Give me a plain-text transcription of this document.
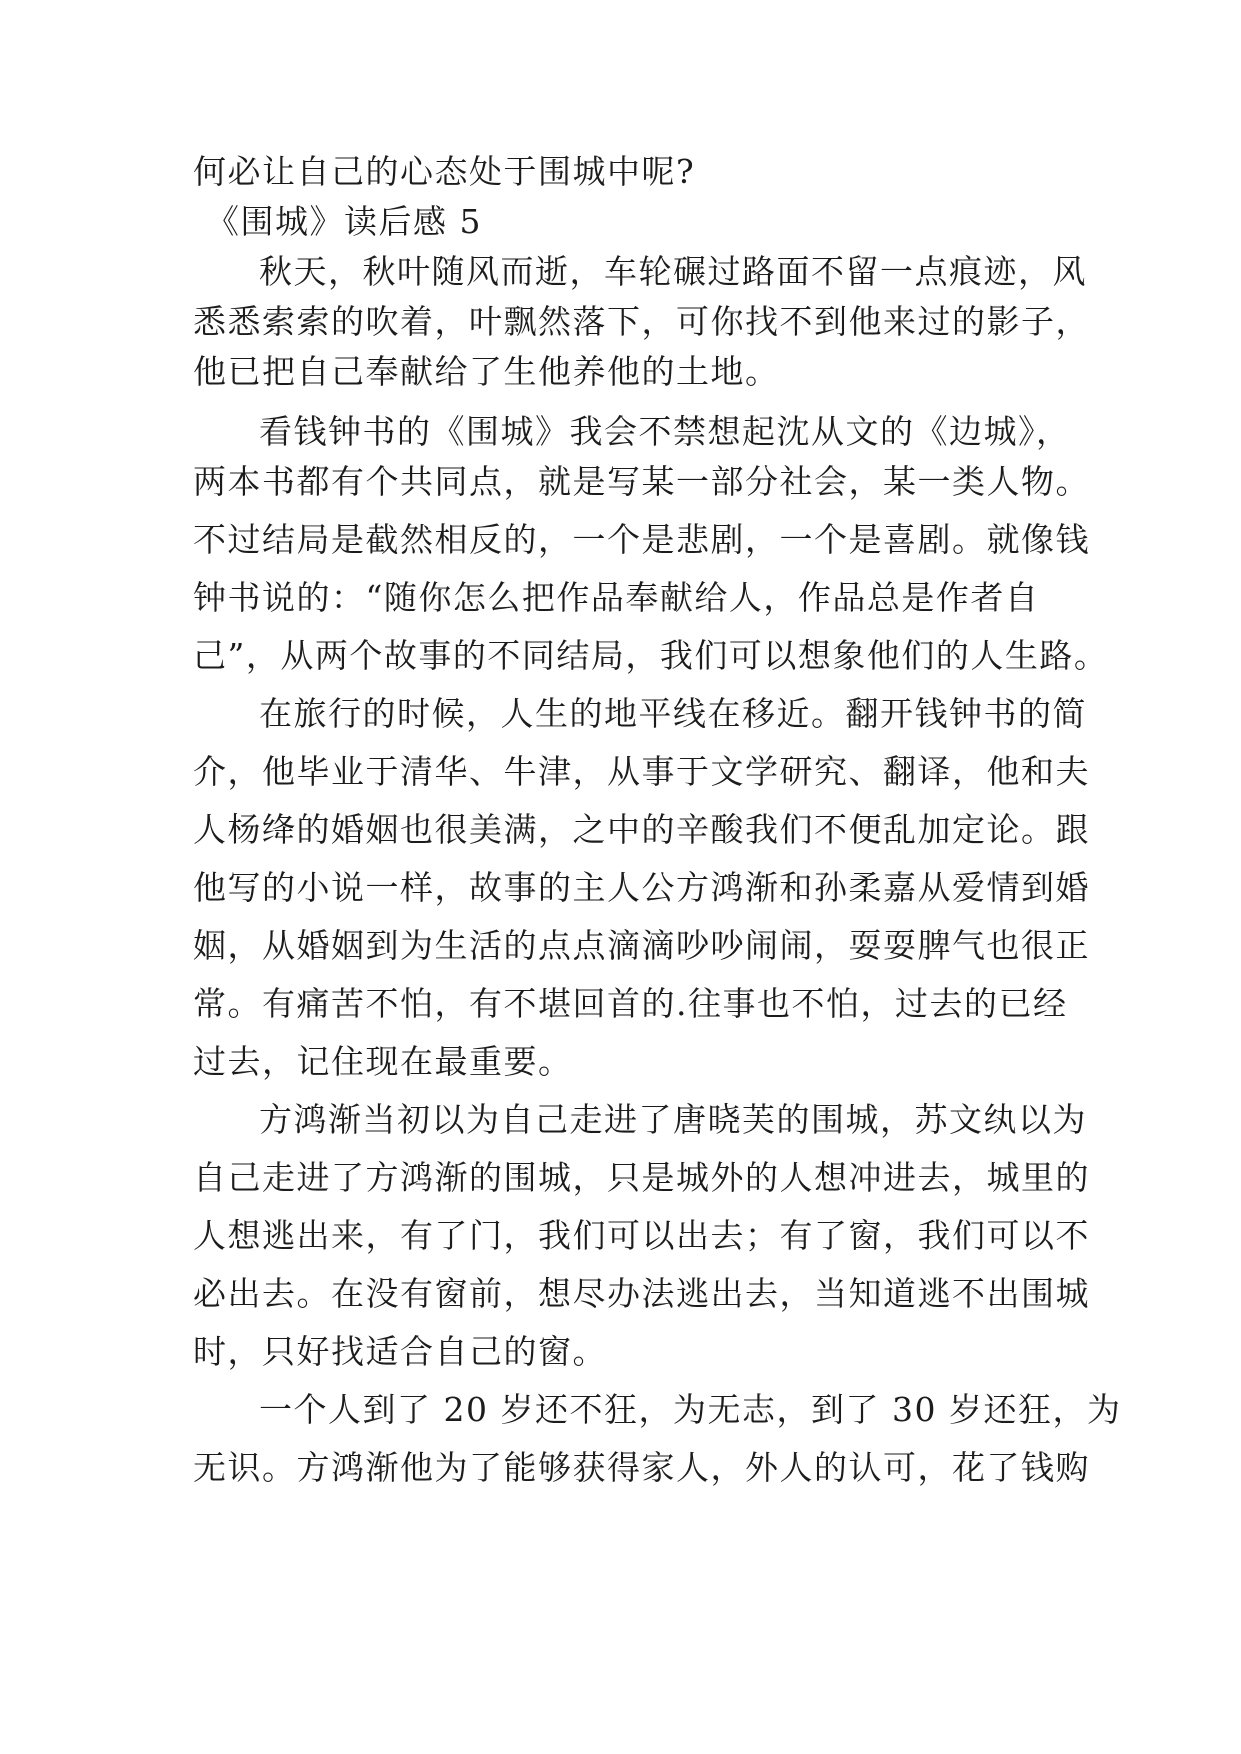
何必让自己的心态处于围城中呢?
《围城》读后感 5
秋天，秋叶随风而逝，车轮碾过路面不留一点痕迹，风
悉悉索索的吹着，叶飘然落下，可你找不到他来过的影子，
他已把自己奉献给了生他养他的土地。
看钱钟书的《围城》我会不禁想起沈从文的《边城》，
两本书都有个共同点，就是写某一部分社会，某一类人物。
不过结局是截然相反的，一个是悲剧，一个是喜剧。就像钱
钟书说的：“随你怎么把作品奉献给人，作品总是作者自
己”，从两个故事的不同结局，我们可以想象他们的人生路。
在旅行的时候，人生的地平线在移近。翻开钱钟书的简
介，他毕业于清华、牛津，从事于文学研究、翻译，他和夫
人杨绛的婚姻也很美满，之中的辛酸我们不便乱加定论。跟
他写的小说一样，故事的主人公方鸿渐和孙柔嘉从爱情到婚
姻，从婚姻到为生活的点点滴滴吵吵闹闹，耍耍脾气也很正
常。有痛苦不怕，有不堪回首的.往事也不怕，过去的已经
过去，记住现在最重要。
方鸿渐当初以为自己走进了唐晓芙的围城，苏文纨以为
自己走进了方鸿渐的围城，只是城外的人想冲进去，城里的
人想逃出来，有了门，我们可以出去；有了窗，我们可以不
必出去。在没有窗前，想尽办法逃出去，当知道逃不出围城
时，只好找适合自己的窗。
一个人到了 20 岁还不狂，为无志，到了 30 岁还狂，为
无识。方鸿渐他为了能够获得家人，外人的认可，花了钱购
